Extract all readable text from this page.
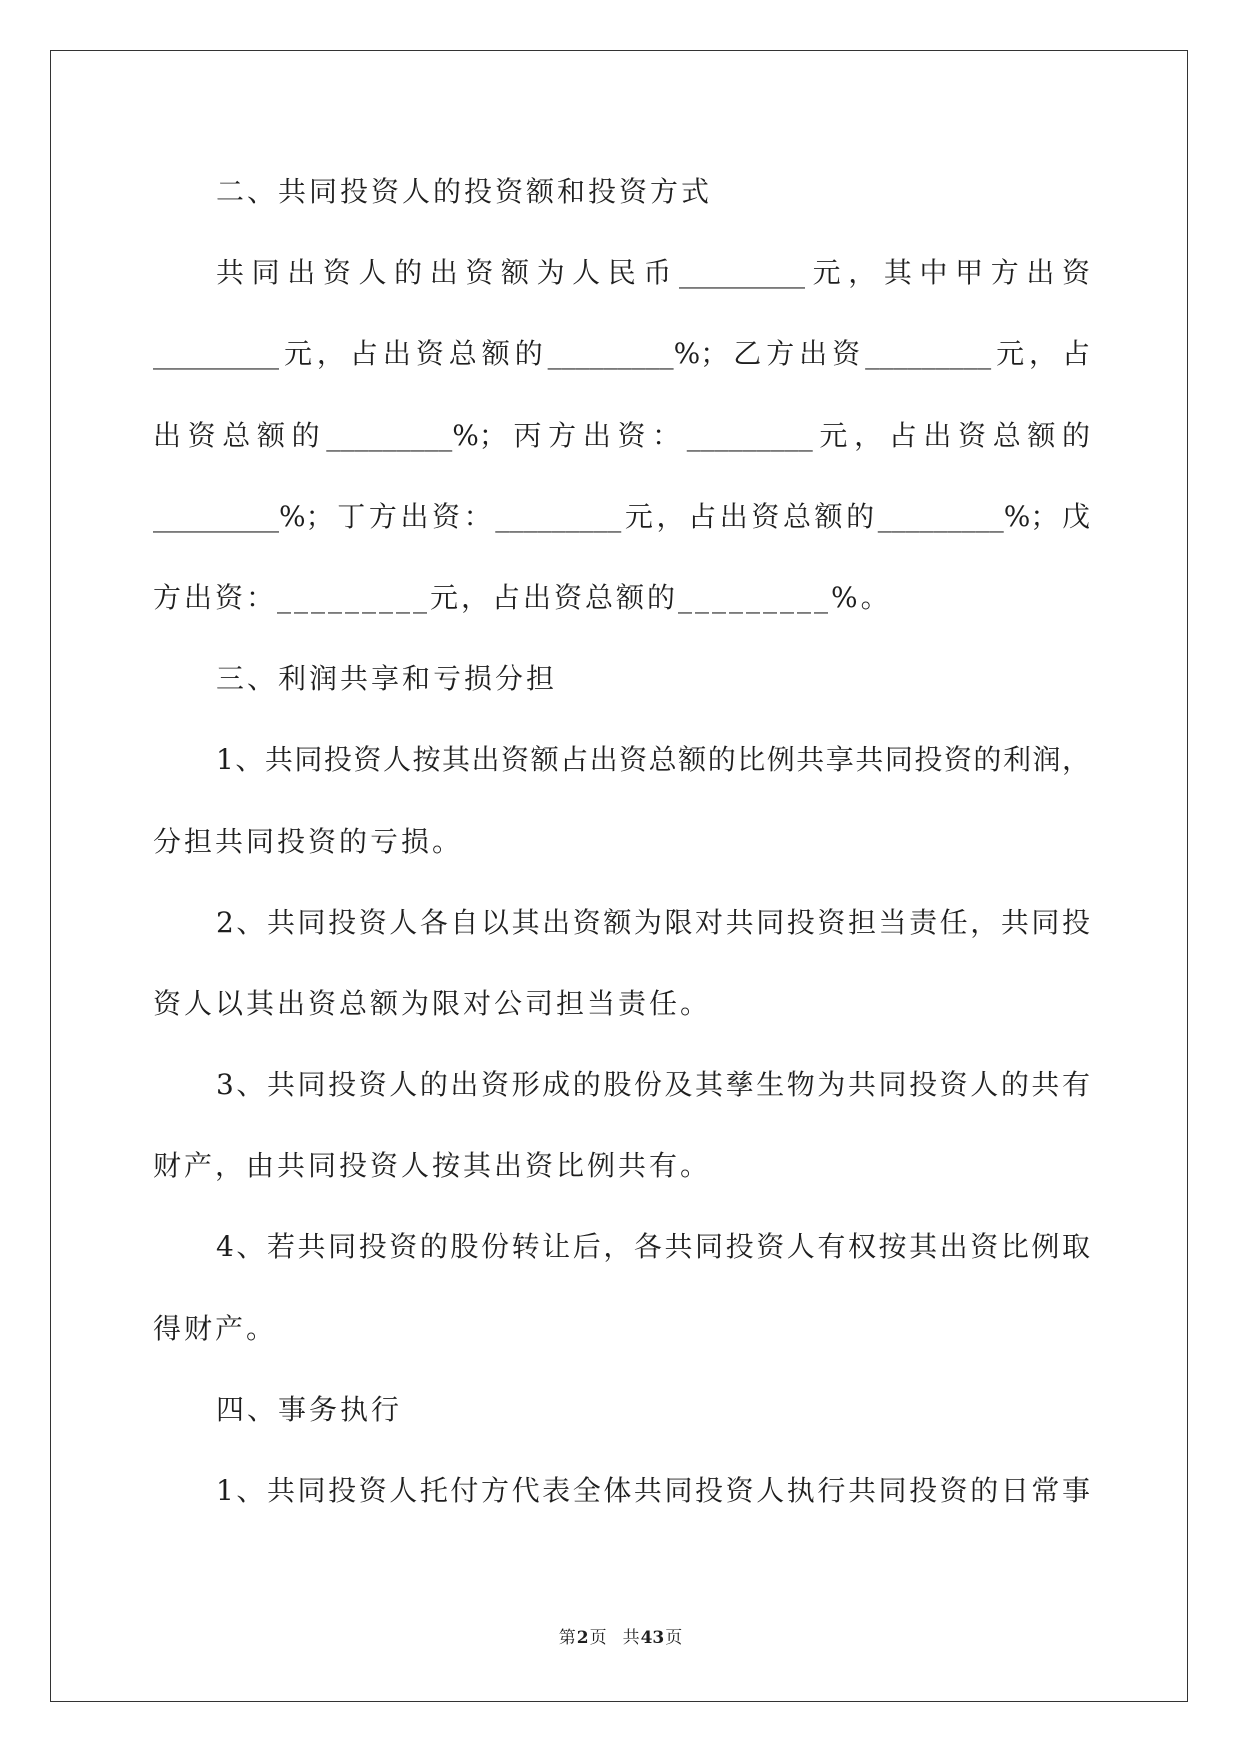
二、共同投资人的投资额和投资方式
共同出资人的出资额为人民币_________元，其中甲方出资
_________元，占出资总额的_________%；乙方出资_________元，占
出资总额的_________%；丙方出资：_________元，占出资总额的
_________%；丁方出资：_________元，占出资总额的_________%；戊
方出资：_________元，占出资总额的_________%。
三、利润共享和亏损分担
1、共同投资人按其出资额占出资总额的比例共享共同投资的利润，
分担共同投资的亏损。
2、共同投资人各自以其出资额为限对共同投资担当责任，共同投
资人以其出资总额为限对公司担当责任。
3、共同投资人的出资形成的股份及其孳生物为共同投资人的共有
财产，由共同投资人按其出资比例共有。
4、若共同投资的股份转让后，各共同投资人有权按其出资比例取
得财产。
四、事务执行
1、共同投资人托付方代表全体共同投资人执行共同投资的日常事
第2页 共43页
